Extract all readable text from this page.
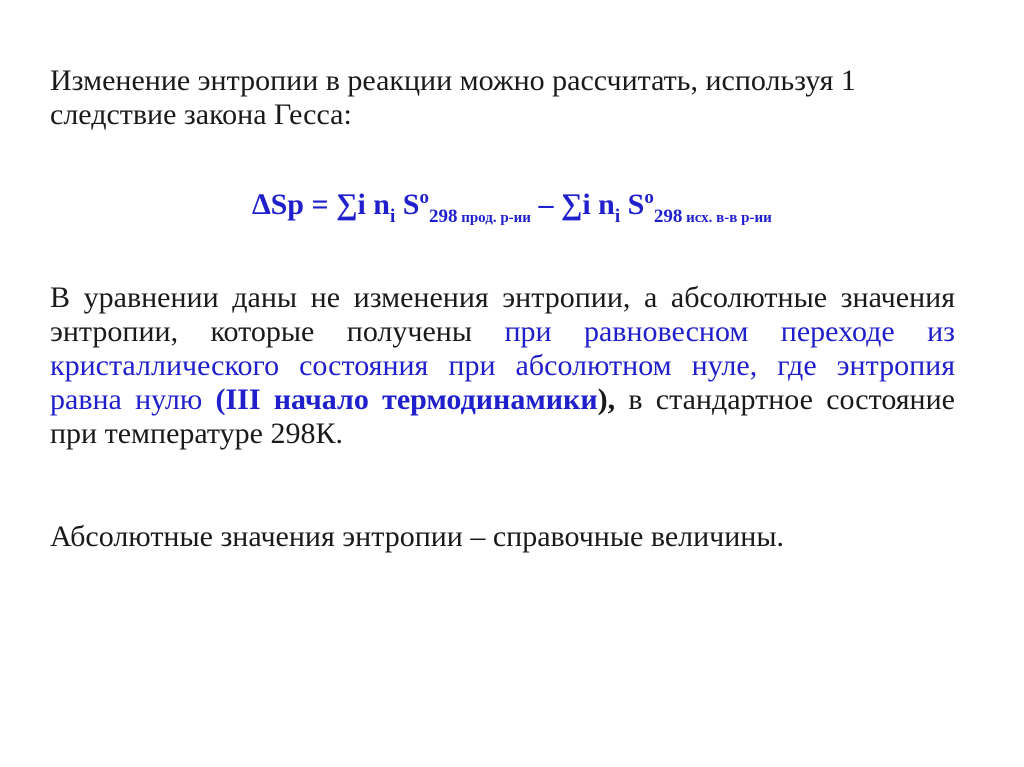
Изменение энтропии в реакции можно рассчитать, используя 1 следствие закона Гесса:

∆Sp = ∑i $n_i$ $S^o_{298 прод. р-ии} - \sum i$ $n_i$ $S^o_{298 исх. в-в р-ии}$

В уравнении даны не изменения энтропии, а абсолютные значения энтропии, которые получены при равновесном переходе из кристаллического состояния при абсолютном нуле, где энтропия равна нулю (III начало термодинамики), в стандартное состояние при температуре 298К.

Абсолютные значения энтропии – справочные величины.
